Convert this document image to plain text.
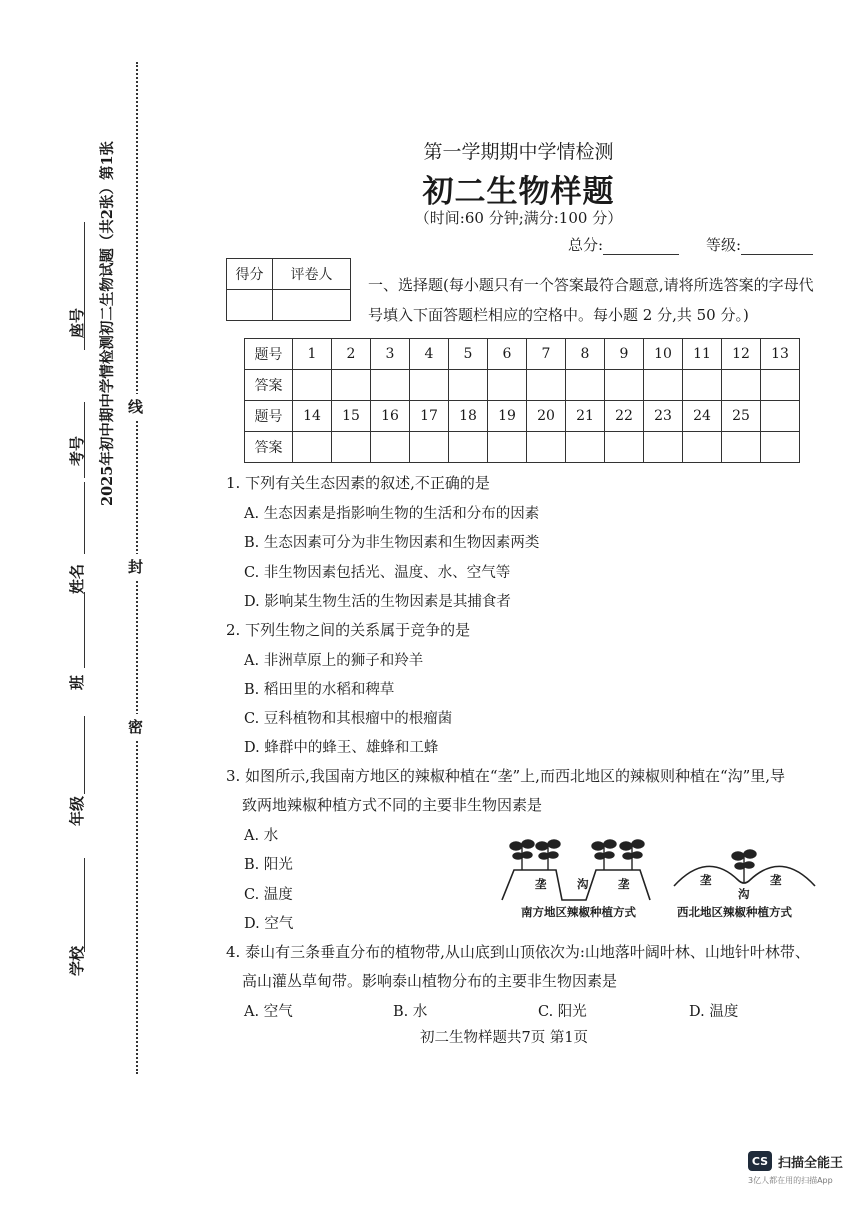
2025年初中期中学情检测初二生物试题（共2张）第1张
座号
考号
姓名
班
年级
学校
线
封
密
第一学期期中学情检测
初二生物样题
（时间:60 分钟;满分:100 分）
总分:	等级:
得分	评卷人

一、选择题(每小题只有一个答案最符合题意,请将所选答案的字母代号填入下面答题栏相应的空格中。每小题 2 分,共 50 分。)
题号	1	2	3	4	5	6	7	8	9	10	11	12	13
答案													
题号	14	15	16	17	18	19	20	21	22	23	24	25	
答案													
1. 下列有关生态因素的叙述,不正确的是
A. 生态因素是指影响生物的生活和分布的因素
B. 生态因素可分为非生物因素和生物因素两类
C. 非生物因素包括光、温度、水、空气等
D. 影响某生物生活的生物因素是其捕食者
2. 下列生物之间的关系属于竞争的是
A. 非洲草原上的狮子和羚羊
B. 稻田里的水稻和稗草
C. 豆科植物和其根瘤中的根瘤菌
D. 蜂群中的蜂王、雄蜂和工蜂
3. 如图所示,我国南方地区的辣椒种植在“垄”上,而西北地区的辣椒则种植在“沟”里,导
致两地辣椒种植方式不同的主要非生物因素是
A. 水
B. 阳光
C. 温度
D. 空气
垄	沟	垄
南方地区辣椒种植方式
垄
沟
垄
西北地区辣椒种植方式
4. 泰山有三条垂直分布的植物带,从山底到山顶依次为:山地落叶阔叶林、山地针叶林带、
高山灌丛草甸带。影响泰山植物分布的主要非生物因素是
A. 空气	B. 水	C. 阳光	D. 温度
初二生物样题共7页 第1页
CS 扫描全能王
3亿人都在用的扫描App
